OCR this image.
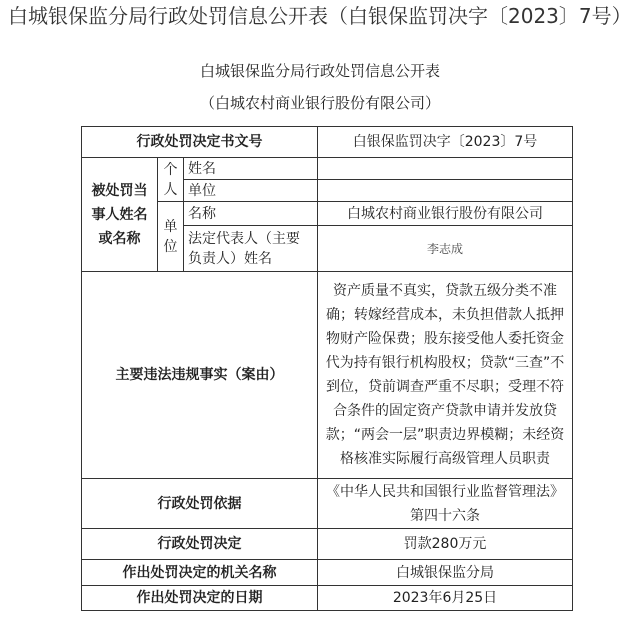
白城银保监分局行政处罚信息公开表（白银保监罚决字〔2023〕7号）
白城银保监分局行政处罚信息公开表
（白城农村商业银行股份有限公司）
行政处罚决定书文号			白银保监罚决字〔2023〕7号
被处罚当事人姓名或名称	个人	姓名	
		单位	
	单位	名称	白城农村商业银行股份有限公司
		法定代表人（主要负责人）姓名	李志成
主要违法违规事实（案由）			资产质量不真实，贷款五级分类不准确；转嫁经营成本，未负担借款人抵押物财产险保费；股东接受他人委托资金代为持有银行机构股权；贷款“三查”不到位，贷前调查严重不尽职；受理不符合条件的固定资产贷款申请并发放贷款；“两会一层”职责边界模糊；未经资格核准实际履行高级管理人员职责
行政处罚依据			《中华人民共和国银行业监督管理法》第四十六条
行政处罚决定			罚款280万元
作出处罚决定的机关名称			白城银保监分局
作出处罚决定的日期			2023年6月25日
